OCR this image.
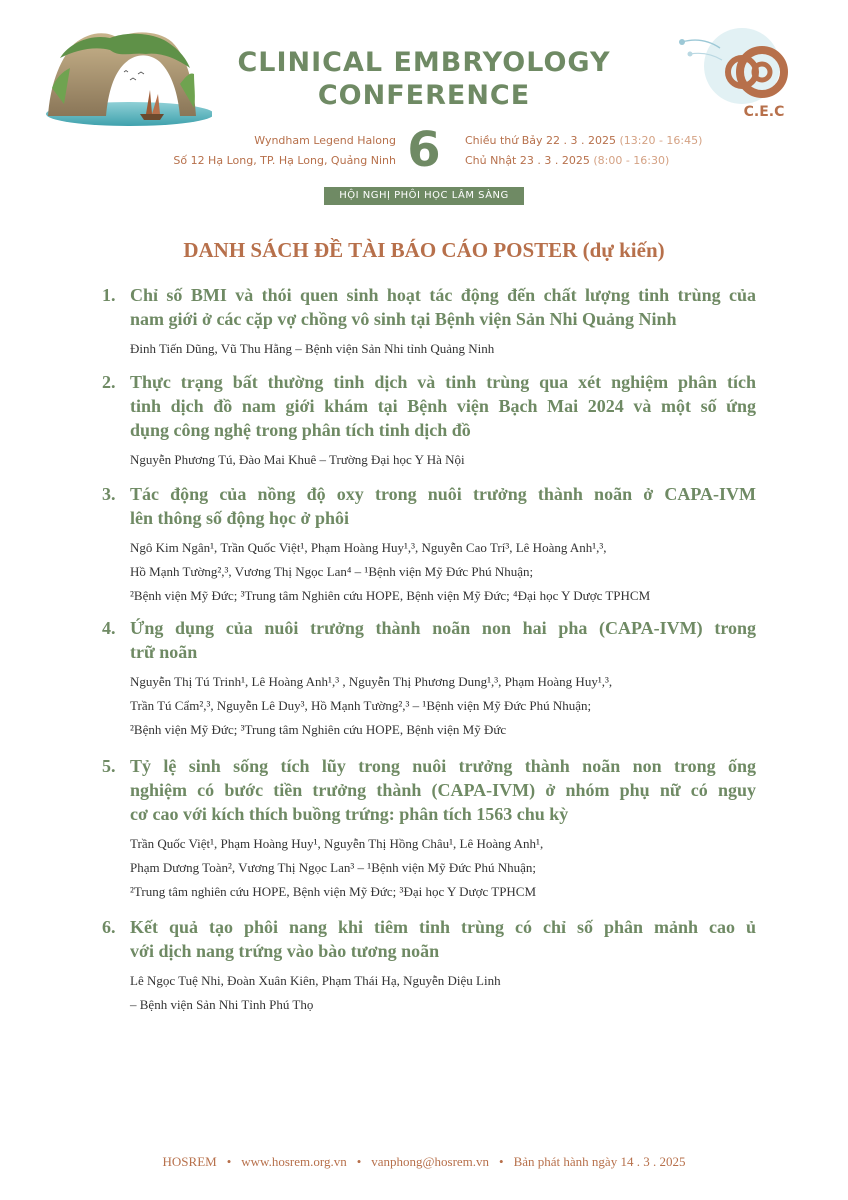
C.E.C
CLINICAL EMBRYOLOGY
CONFERENCE
Wyndham Legend Halong
Số 12 Hạ Long, TP. Hạ Long, Quảng Ninh 6	Chiều thứ Bảy 22 . 3 . 2025 (13:20 - 16:45)
Chủ Nhật 23 . 3 . 2025 (8:00 - 16:30)
HỘI NGHỊ PHÔI HỌC LÂM SÀNG
DANH SÁCH ĐỀ TÀI BÁO CÁO POSTER (dự kiến)
1. Chỉ số BMI và thói quen sinh hoạt tác động đến chất lượng tinh trùng của
nam giới ở các cặp vợ chồng vô sinh tại Bệnh viện Sản Nhi Quảng Ninh
Đinh Tiến Dũng, Vũ Thu Hằng – Bệnh viện Sản Nhi tỉnh Quảng Ninh
2. Thực trạng bất thường tinh dịch và tinh trùng qua xét nghiệm phân tích
tinh dịch đồ nam giới khám tại Bệnh viện Bạch Mai 2024 và một số ứng
dụng công nghệ trong phân tích tinh dịch đồ
Nguyễn Phương Tú, Đào Mai Khuê – Trường Đại học Y Hà Nội
3. Tác động của nồng độ oxy trong nuôi trưởng thành noãn ở CAPA-IVM
lên thông số động học ở phôi
Ngô Kim Ngân¹, Trần Quốc Việt¹, Phạm Hoàng Huy¹,³, Nguyễn Cao Trí³, Lê Hoàng Anh¹,³,
Hồ Mạnh Tường²,³, Vương Thị Ngọc Lan⁴ – ¹Bệnh viện Mỹ Đức Phú Nhuận;
²Bệnh viện Mỹ Đức; ³Trung tâm Nghiên cứu HOPE, Bệnh viện Mỹ Đức; ⁴Đại học Y Dược TPHCM
4. Ứng dụng của nuôi trưởng thành noãn non hai pha (CAPA-IVM) trong
trữ noãn
Nguyễn Thị Tú Trinh¹, Lê Hoàng Anh¹,³ , Nguyễn Thị Phương Dung¹,³, Phạm Hoàng Huy¹,³,
Trần Tú Cẩm²,³, Nguyễn Lê Duy³, Hồ Mạnh Tường²,³ – ¹Bệnh viện Mỹ Đức Phú Nhuận;
²Bệnh viện Mỹ Đức; ³Trung tâm Nghiên cứu HOPE, Bệnh viện Mỹ Đức
5. Tỷ lệ sinh sống tích lũy trong nuôi trưởng thành noãn non trong ống
nghiệm có bước tiền trưởng thành (CAPA-IVM) ở nhóm phụ nữ có nguy
cơ cao với kích thích buồng trứng: phân tích 1563 chu kỳ
Trần Quốc Việt¹, Phạm Hoàng Huy¹, Nguyễn Thị Hồng Châu¹, Lê Hoàng Anh¹,
Phạm Dương Toàn², Vương Thị Ngọc Lan³ – ¹Bệnh viện Mỹ Đức Phú Nhuận;
²Trung tâm nghiên cứu HOPE, Bệnh viện Mỹ Đức; ³Đại học Y Dược TPHCM
6. Kết quả tạo phôi nang khi tiêm tinh trùng có chỉ số phân mảnh cao ủ
với dịch nang trứng vào bào tương noãn
Lê Ngọc Tuệ Nhi, Đoàn Xuân Kiên, Phạm Thái Hạ, Nguyễn Diệu Linh
– Bệnh viện Sản Nhi Tỉnh Phú Thọ
HOSREM • www.hosrem.org.vn • vanphong@hosrem.vn • Bản phát hành ngày 14 . 3 . 2025
